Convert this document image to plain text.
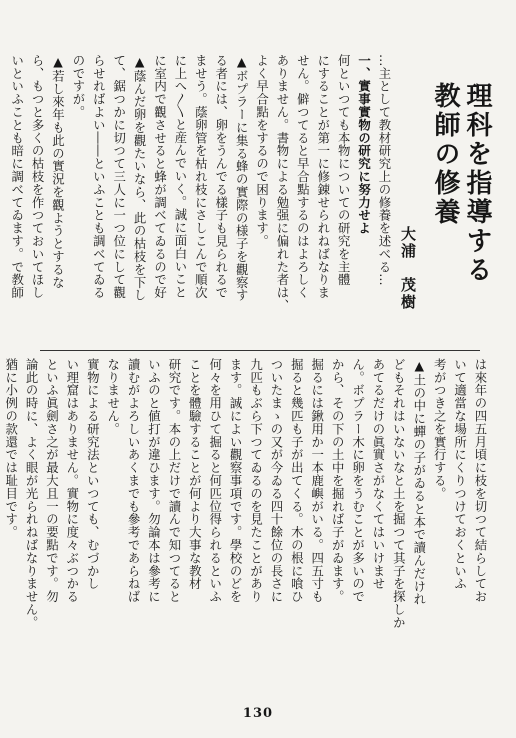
理科を指導する
教師の修養
大浦　茂樹

…主として教材研究上の修養を述べる…

一、實事實物の研究に努力せよ

何といつても本物についての研究を主體

にすることが第一に修錬せられねばなりま

せん。僻つてると早合點するのはよろしく

ありません。書物による勉强に偏れた者は、

よく早合點をするので困ります。

▲ボプラーに集る蜂の實際の様子を觀察す

る者には、卵をうんでる樣子も見られるで

ませう。蔭卵管を枯れ枝にさしこんで順次

に上へ〳〵と産んでいく。誠に面白いこと

に室内で觀させると蜂が調べてゐるので好

▲蔭んだ卵を觀たいなら、此の枯枝を下し

て、鋸つかに切つて三人に一つ位にして觀

らせればよい――といふことも調べてゐる

のですが。

▲若し來年も此の實況を觀ようとするな

ら、もつと多くの枯枝を作つておいてほし

いといふことも暗に調べてゐます。で教師

は來年の四五月頃に枝を切つて結らしてお

いて適當な場所にくりつけておくといふ

考がつき之を實行する。

▲土の中に蟬の子がゐると本で讀んだけれ

どもそれはいないなと土を掘つて其子を探しか

あてるだけの眞實さがなくてはいけませ

ん。ボプラー木に卵をうむことが多いので

から、その下の土中を掘れば子がゐます。

掘るには鍬用か一本鹿嶼がいる。四五寸も

掘ると幾匹も子が出てくる。木の根に喰ひ

ついたまゝの又が今ゐる四十餘位の長さに

九匹もぶら下つてゐるのを見たことがあり

ます。誠によい觀察事項です。學校のどを

何々を用ひて掘ると何匹位得られるといふ

ことを體驗することが何より大事な教材

研究です。本の上だけで讀んで知つてると

いふのと値打が違ひます。勿論本は參考に

讀むがよろしいあくまでも參考であらねば

なりません。

實物による研究法といつても、むづかし

い理窟はありません。實物に度々ぶつかる

といふ眞劍さ之が最大且一の要點です。勿

論此の時に、よく眼が光られねばなりません。

猶に小例の款還では耻目です。

130
